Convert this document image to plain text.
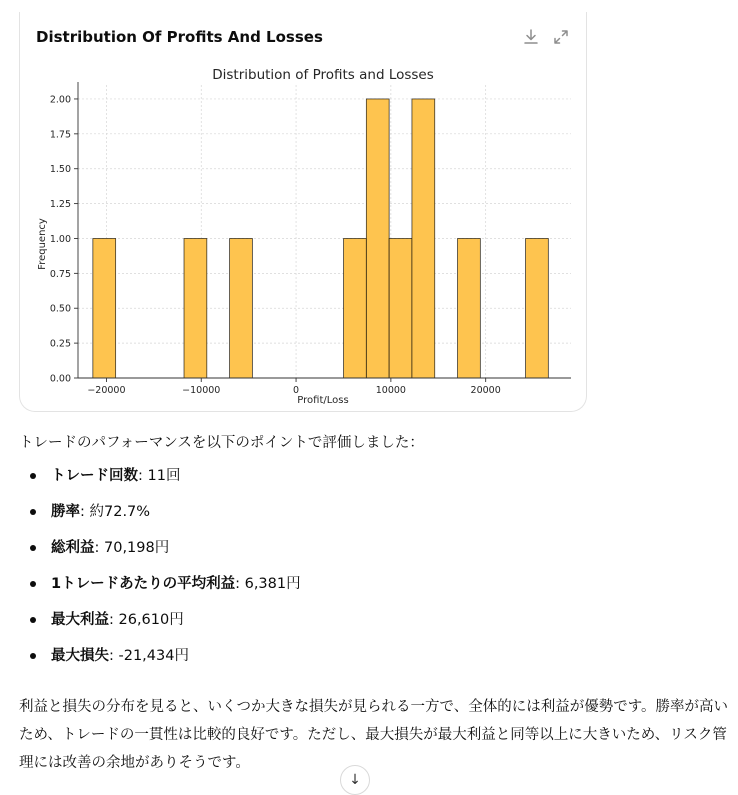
Distribution Of Profits And Losses
Distribution of Profits and Losses
Profit/Loss
Frequency
0.00
0.25
0.50
0.75
1.00
1.25
1.50
1.75
2.00
−20000	−10000	0	10000	20000
トレードのパフォーマンスを以下のポイントで評価しました：
トレード回数: 11回
勝率: 約72.7%
総利益: 70,198円
1トレードあたりの平均利益: 6,381円
最大利益: 26,610円
最大損失: -21,434円
利益と損失の分布を見ると、いくつか大きな損失が見られる一方で、全体的には利益が優勢です。勝率が高いため、トレードの一貫性は比較的良好です。ただし、最大損失が最大利益と同等以上に大きいため、リスク管理には改善の余地がありそうです。
↓
